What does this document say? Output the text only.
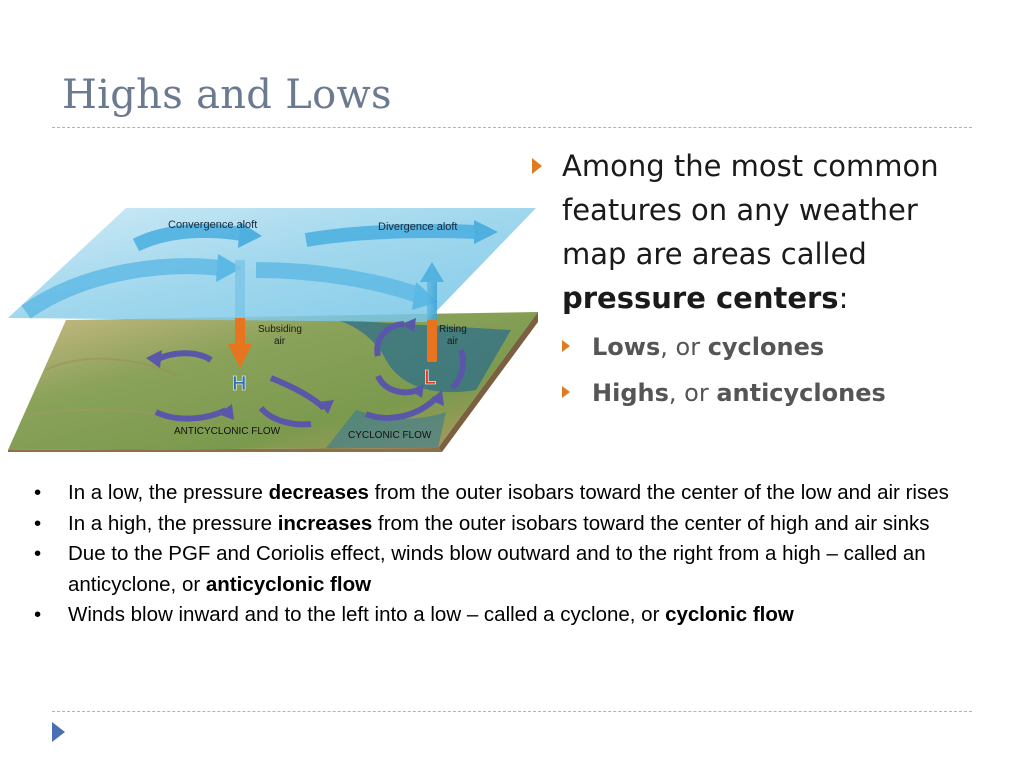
Highs and Lows
Convergence aloft	Divergence aloft
Subsiding
air
Rising
air
H	L
ANTICYCLONIC FLOW	CYCLONIC FLOW
Among the most common features on any weather map are areas called pressure centers:
Lows, or cyclones
Highs, or anticyclones
• In a low, the pressure decreases from the outer isobars toward the center of the low and air rises
• In a high, the pressure increases from the outer isobars toward the center of high and air sinks
• Due to the PGF and Coriolis effect, winds blow outward and to the right from a high – called an anticyclone, or anticyclonic flow
• Winds blow inward and to the left into a low – called a cyclone, or cyclonic flow
